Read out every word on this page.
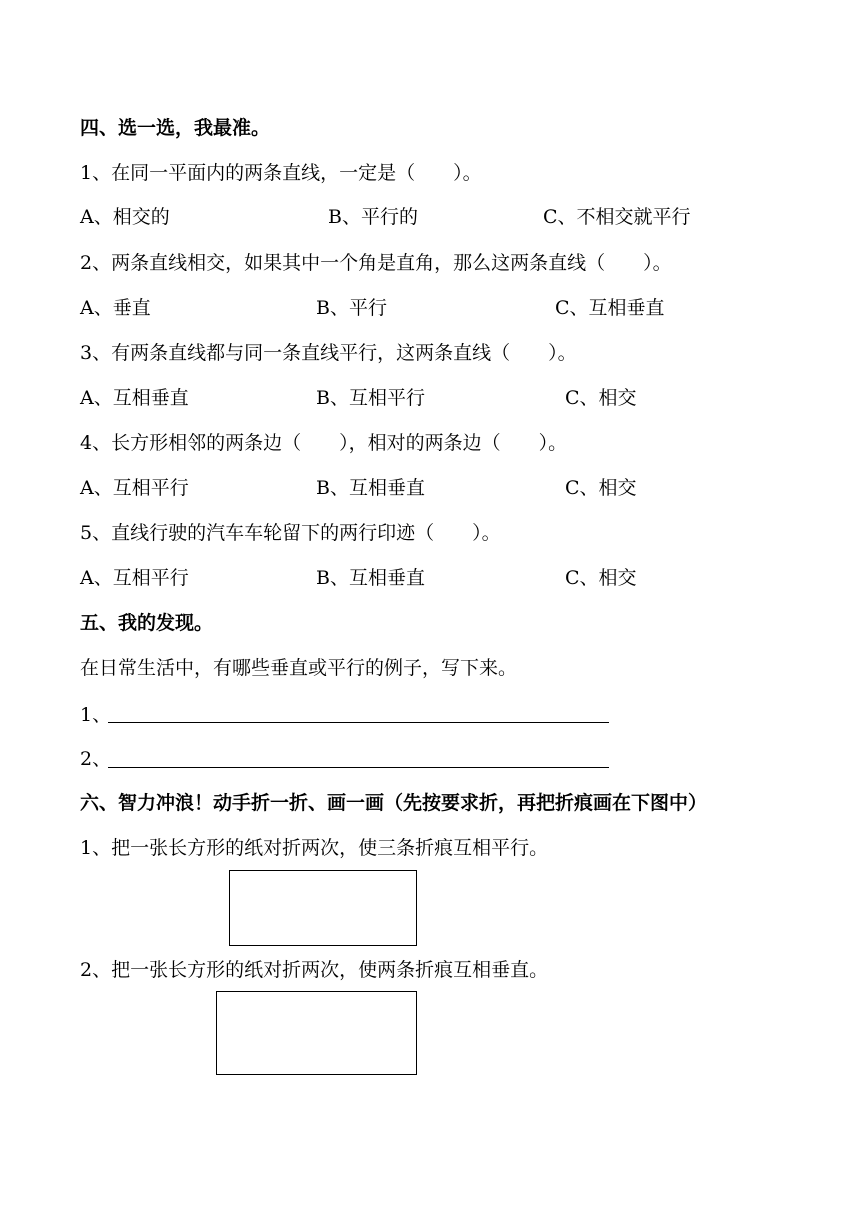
四、选一选，我最准。
1、在同一平面内的两条直线，一定是（　　）。
A、相交的	B、平行的	C、不相交就平行
2、两条直线相交，如果其中一个角是直角，那么这两条直线（　　）。
A、垂直	B、平行	C、互相垂直
3、有两条直线都与同一条直线平行，这两条直线（　　）。
A、互相垂直	B、互相平行	C、相交
4、长方形相邻的两条边（　　），相对的两条边（　　）。
A、互相平行	B、互相垂直	C、相交
5、直线行驶的汽车车轮留下的两行印迹（　　）。
A、互相平行	B、互相垂直	C、相交
五、我的发现。
在日常生活中，有哪些垂直或平行的例子，写下来。
1、
2、
六、智力冲浪！动手折一折、画一画（先按要求折，再把折痕画在下图中）
1、把一张长方形的纸对折两次，使三条折痕互相平行。
2、把一张长方形的纸对折两次，使两条折痕互相垂直。
